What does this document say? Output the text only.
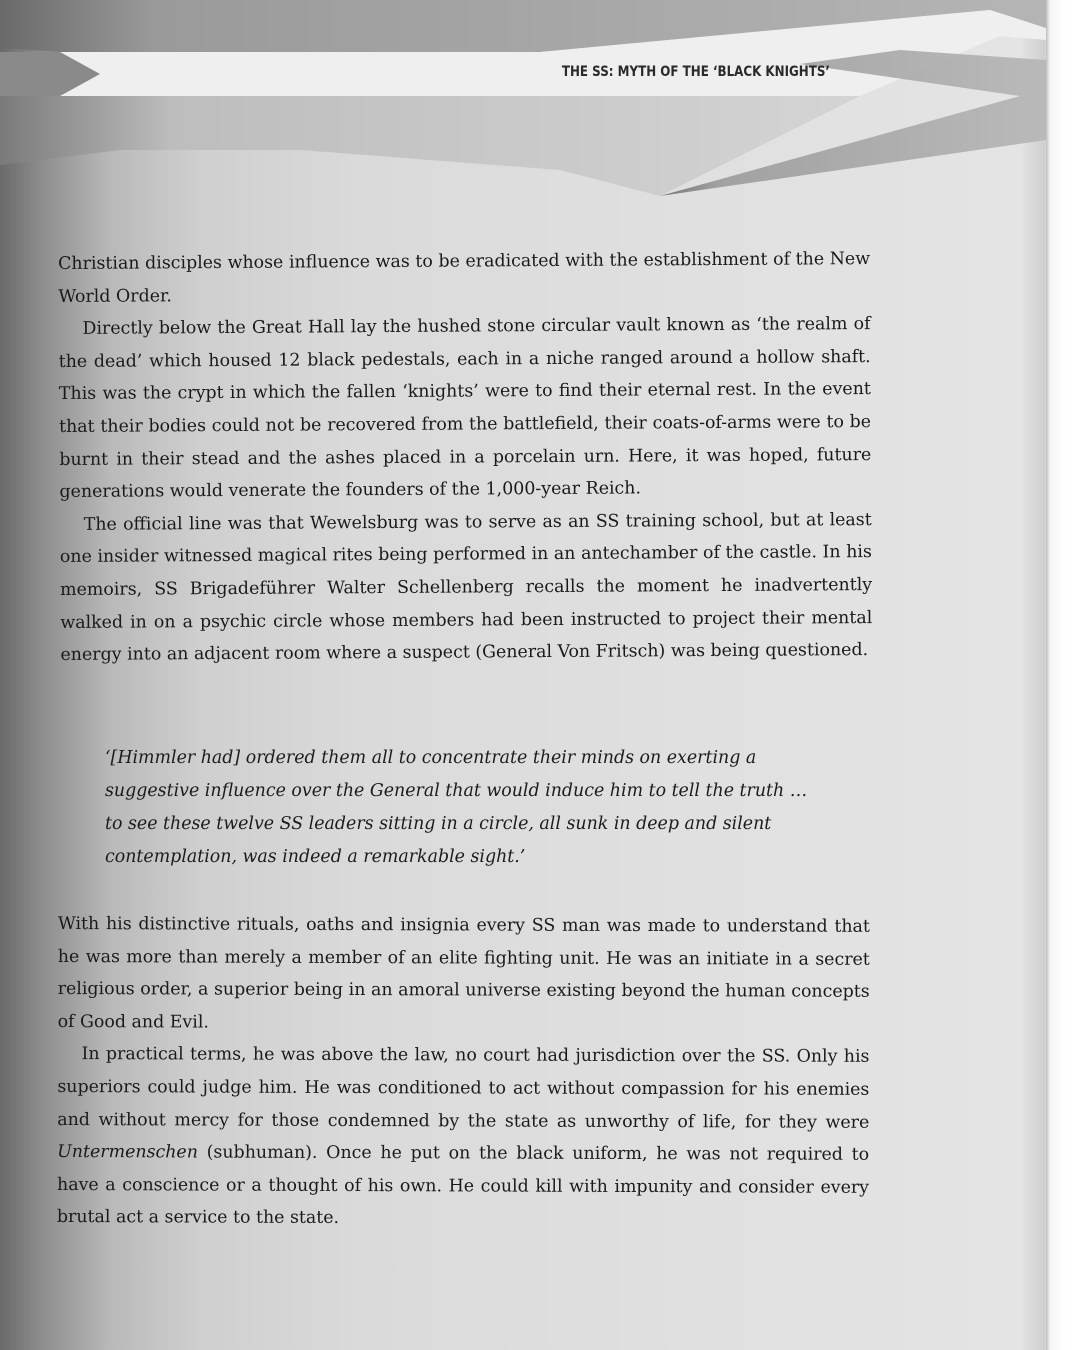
THE SS: MYTH OF THE ‘BLACK KNIGHTS’

Christian disciples whose influence was to be eradicated with the establishment of the New World Order.

Directly below the Great Hall lay the hushed stone circular vault known as ‘the realm of the dead’ which housed 12 black pedestals, each in a niche ranged around a hollow shaft. This was the crypt in which the fallen ‘knights’ were to find their eternal rest. In the event that their bodies could not be recovered from the battlefield, their coats-of-arms were to be burnt in their stead and the ashes placed in a porcelain urn. Here, it was hoped, future generations would venerate the founders of the 1,000-year Reich.

The official line was that Wewelsburg was to serve as an SS training school, but at least one insider witnessed magical rites being performed in an antechamber of the castle. In his memoirs, SS Brigadeführer Walter Schellenberg recalls the moment he inadvertently walked in on a psychic circle whose members had been instructed to project their mental energy into an adjacent room where a suspect (General Von Fritsch) was being questioned.

‘[Himmler had] ordered them all to concentrate their minds on exerting a suggestive influence over the General that would induce him to tell the truth … to see these twelve SS leaders sitting in a circle, all sunk in deep and silent contemplation, was indeed a remarkable sight.’

With his distinctive rituals, oaths and insignia every SS man was made to understand that he was more than merely a member of an elite fighting unit. He was an initiate in a secret religious order, a superior being in an amoral universe existing beyond the human concepts of Good and Evil.

In practical terms, he was above the law, no court had jurisdiction over the SS. Only his superiors could judge him. He was conditioned to act without compassion for his enemies and without mercy for those condemned by the state as unworthy of life, for they were Untermenschen (subhuman). Once he put on the black uniform, he was not required to have a conscience or a thought of his own. He could kill with impunity and consider every brutal act a service to the state.
